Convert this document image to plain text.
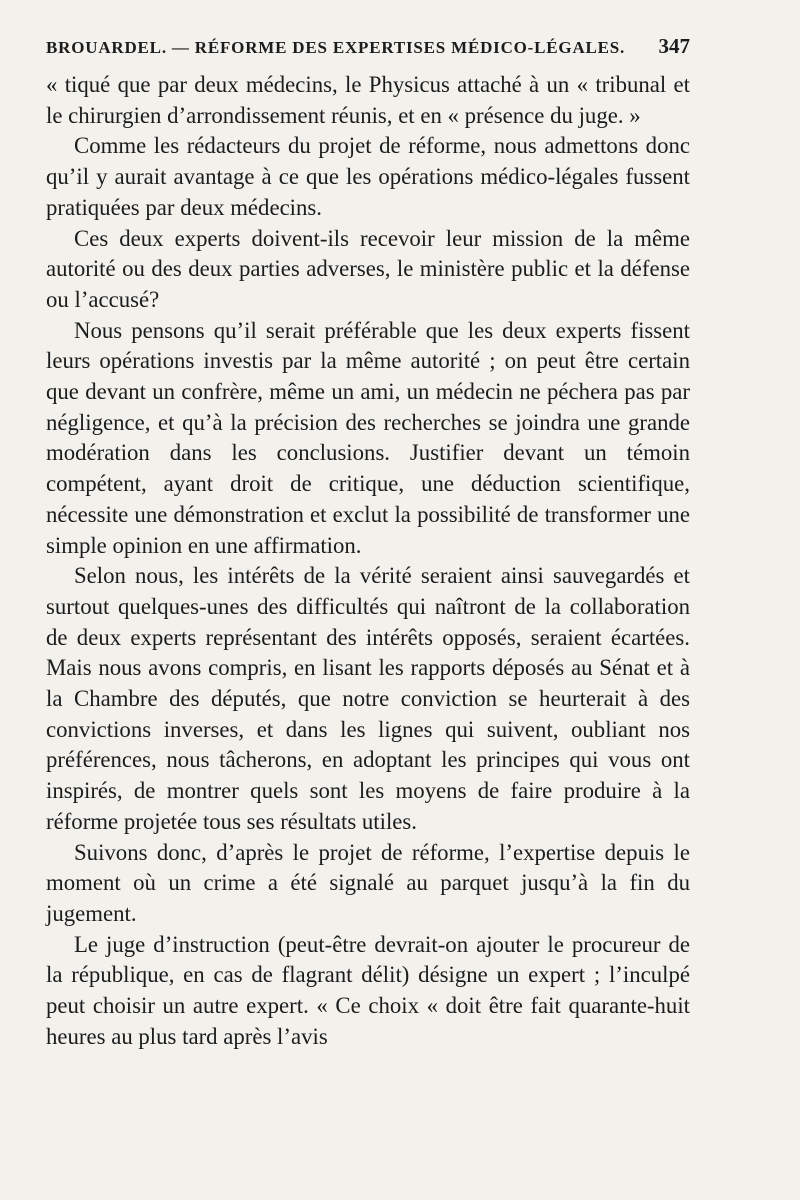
BROUARDEL. — RÉFORME DES EXPERTISES MÉDICO-LÉGALES. 347

« tiqué que par deux médecins, le Physicus attaché à un « tribunal et le chirurgien d’arrondissement réunis, et en « présence du juge. »

Comme les rédacteurs du projet de réforme, nous admettons donc qu’il y aurait avantage à ce que les opérations médico-légales fussent pratiquées par deux médecins.

Ces deux experts doivent-ils recevoir leur mission de la même autorité ou des deux parties adverses, le ministère public et la défense ou l’accusé?

Nous pensons qu’il serait préférable que les deux experts fissent leurs opérations investis par la même autorité ; on peut être certain que devant un confrère, même un ami, un médecin ne péchera pas par négligence, et qu’à la précision des recherches se joindra une grande modération dans les conclusions. Justifier devant un témoin compétent, ayant droit de critique, une déduction scientifique, nécessite une démonstration et exclut la possibilité de transformer une simple opinion en une affirmation.

Selon nous, les intérêts de la vérité seraient ainsi sauvegardés et surtout quelques-unes des difficultés qui naîtront de la collaboration de deux experts représentant des intérêts opposés, seraient écartées. Mais nous avons compris, en lisant les rapports déposés au Sénat et à la Chambre des députés, que notre conviction se heurterait à des convictions inverses, et dans les lignes qui suivent, oubliant nos préférences, nous tâcherons, en adoptant les principes qui vous ont inspirés, de montrer quels sont les moyens de faire produire à la réforme projetée tous ses résultats utiles.

Suivons donc, d’après le projet de réforme, l’expertise depuis le moment où un crime a été signalé au parquet jusqu’à la fin du jugement.

Le juge d’instruction (peut-être devrait-on ajouter le procureur de la république, en cas de flagrant délit) désigne un expert ; l’inculpé peut choisir un autre expert. « Ce choix « doit être fait quarante-huit heures au plus tard après l’avis
